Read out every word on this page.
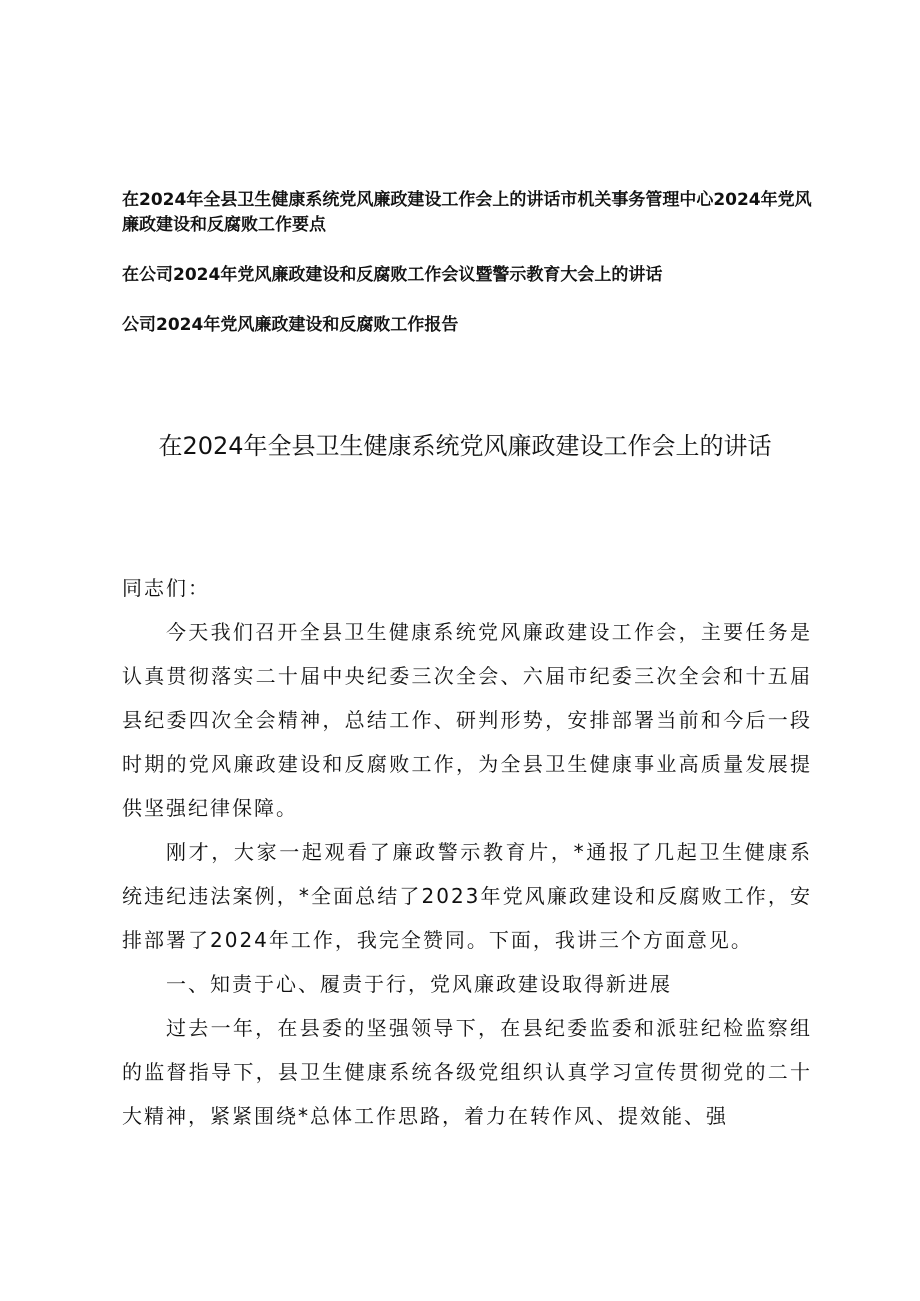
在2024年全县卫生健康系统党风廉政建设工作会上的讲话市机关事务管理中心2024年党风廉政建设和反腐败工作要点

在公司2024年党风廉政建设和反腐败工作会议暨警示教育大会上的讲话

公司2024年党风廉政建设和反腐败工作报告

在2024年全县卫生健康系统党风廉政建设工作会上的讲话

同志们：

今天我们召开全县卫生健康系统党风廉政建设工作会，主要任务是认真贯彻落实二十届中央纪委三次全会、六届市纪委三次全会和十五届县纪委四次全会精神，总结工作、研判形势，安排部署当前和今后一段时期的党风廉政建设和反腐败工作，为全县卫生健康事业高质量发展提供坚强纪律保障。

刚才，大家一起观看了廉政警示教育片，*通报了几起卫生健康系统违纪违法案例，*全面总结了2023年党风廉政建设和反腐败工作，安排部署了2024年工作，我完全赞同。下面，我讲三个方面意见。

一、知责于心、履责于行，党风廉政建设取得新进展

过去一年，在县委的坚强领导下，在县纪委监委和派驻纪检监察组的监督指导下，县卫生健康系统各级党组织认真学习宣传贯彻党的二十大精神，紧紧围绕*总体工作思路，着力在转作风、提效能、强
